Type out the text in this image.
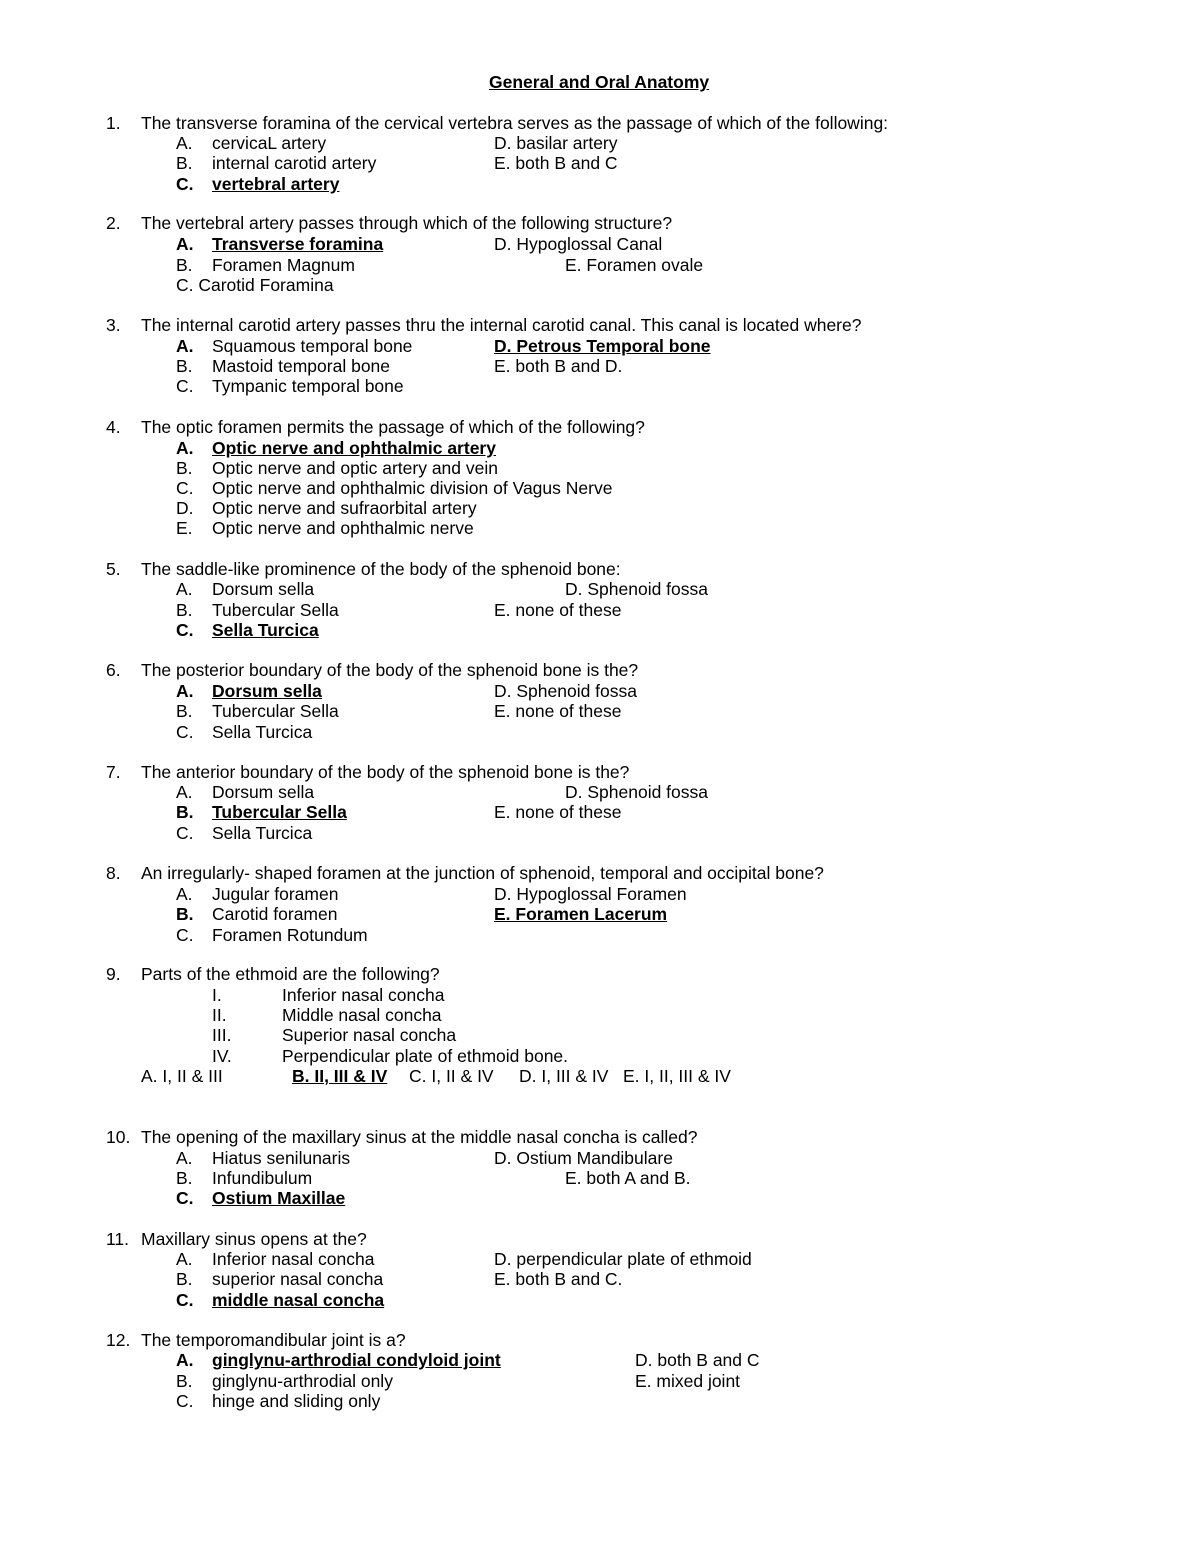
General and Oral Anatomy
1. The transverse foramina of the cervical vertebra serves as the passage of which of the following:
A. cervicaL artery	D. basilar artery
B. internal carotid artery	E. both B and C
C. vertebral artery
2. The vertebral artery passes through which of the following structure?
A. Transverse foramina	D. Hypoglossal Canal
B. Foramen Magnum	E. Foramen ovale
C. Carotid Foramina
3. The internal carotid artery passes thru the internal carotid canal. This canal is located where?
A. Squamous temporal bone	D. Petrous Temporal bone
B. Mastoid temporal bone	E. both B and D.
C. Tympanic temporal bone
4. The optic foramen permits the passage of which of the following?
A. Optic nerve and ophthalmic artery
B. Optic nerve and optic artery and vein
C. Optic nerve and ophthalmic division of Vagus Nerve
D. Optic nerve and sufraorbital artery
E. Optic nerve and ophthalmic nerve
5. The saddle-like prominence of the body of the sphenoid bone:
A. Dorsum sella	D. Sphenoid fossa
B. Tubercular Sella	E. none of these
C. Sella Turcica
6. The posterior boundary of the body of the sphenoid bone is the?
A. Dorsum sella	D. Sphenoid fossa
B. Tubercular Sella	E. none of these
C. Sella Turcica
7. The anterior boundary of the body of the sphenoid bone is the?
A. Dorsum sella	D. Sphenoid fossa
B. Tubercular Sella	E. none of these
C. Sella Turcica
8. An irregularly- shaped foramen at the junction of sphenoid, temporal and occipital bone?
A. Jugular foramen	D. Hypoglossal Foramen
B. Carotid foramen	E. Foramen Lacerum
C. Foramen Rotundum
9. Parts of the ethmoid are the following?
I.	Inferior nasal concha
II.	Middle nasal concha
III.	Superior nasal concha
IV.	Perpendicular plate of ethmoid bone.
A. I, II & III	B. II, III & IV C. I, II & IV D. I, III & IV E. I, II, III & IV
10. The opening of the maxillary sinus at the middle nasal concha is called?
A. Hiatus senilunaris	D. Ostium Mandibulare
B. Infundibulum	E. both A and B.
C. Ostium Maxillae
11. Maxillary sinus opens at the?
A. Inferior nasal concha	D. perpendicular plate of ethmoid
B. superior nasal concha	E. both B and C.
C. middle nasal concha
12. The temporomandibular joint is a?
A. ginglynu-arthrodial condyloid joint	D. both B and C
B. ginglynu-arthrodial only	E. mixed joint
C. hinge and sliding only
